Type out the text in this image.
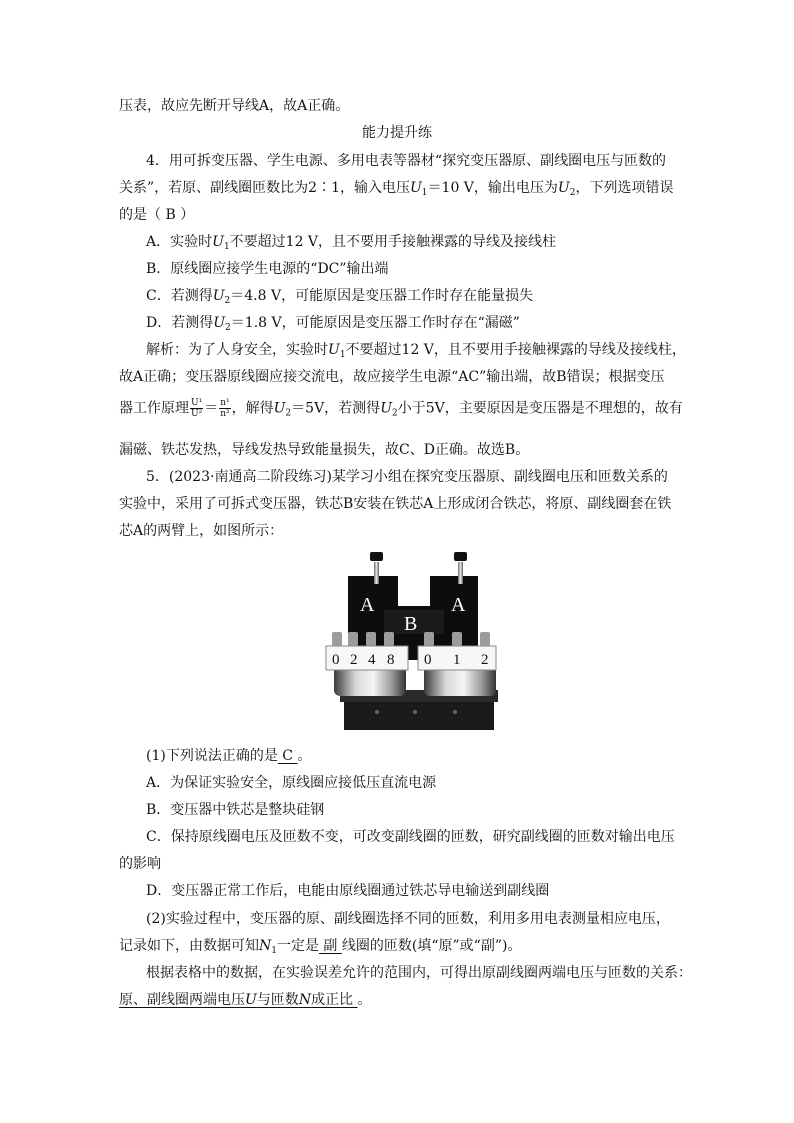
压表，故应先断开导线A，故A正确。
能力提升练
4．用可拆变压器、学生电源、多用电表等器材“探究变压器原、副线圈电压与匝数的
关系”，若原、副线圈匝数比为2∶1，输入电压$U_1=10$ V，输出电压为$U_2$，下列选项错误
的是（ B ）
A．实验时$U_1$不要超过12 V，且不要用手接触裸露的导线及接线柱
B．原线圈应接学生电源的“DC”输出端
C．若测得$U_2=4.8$ V，可能原因是变压器工作时存在能量损失
D．若测得$U_2=1.8$ V，可能原因是变压器工作时存在“漏磁”
解析：为了人身安全，实验时$U_1$不要超过12 V，且不要用手接触裸露的导线及接线柱，
故A正确；变压器原线圈应接交流电，故应接学生电源“AC”输出端，故B错误；根据变压
器工作原理 $\frac{\text{U¹}}{\text{U²}} = \frac{\text{n¹}}{\text{n²}}$ ，解得$U_2=5V$，若测得$U_2$小于5V，主要原因是变压器是不理想的，故有
漏磁、铁芯发热，导线发热导致能量损失，故C、D正确。故选B。
5．(2023·南通高二阶段练习)某学习小组在探究变压器原、副线圈电压和匝数关系的
实验中，采用了可拆式变压器，铁芯B安装在铁芯A上形成闭合铁芯，将原、副线圈套在铁
芯A的两臂上，如图所示：
A	A
B
0 2 4 8 0 1 2
(1)下列说法正确的是 C 。
A．为保证实验安全，原线圈应接低压直流电源
B．变压器中铁芯是整块硅钢
C．保持原线圈电压及匝数不变，可改变副线圈的匝数，研究副线圈的匝数对输出电压
的影响
D．变压器正常工作后，电能由原线圈通过铁芯导电输送到副线圈
(2)实验过程中，变压器的原、副线圈选择不同的匝数，利用多用电表测量相应电压，
记录如下，由数据可知$N_1$一定是 副 线圈的匝数(填“原”或“副”)。
根据表格中的数据，在实验误差允许的范围内，可得出原副线圈两端电压与匝数的关系：
原、副线圈两端电压U与匝数N成正比 。
